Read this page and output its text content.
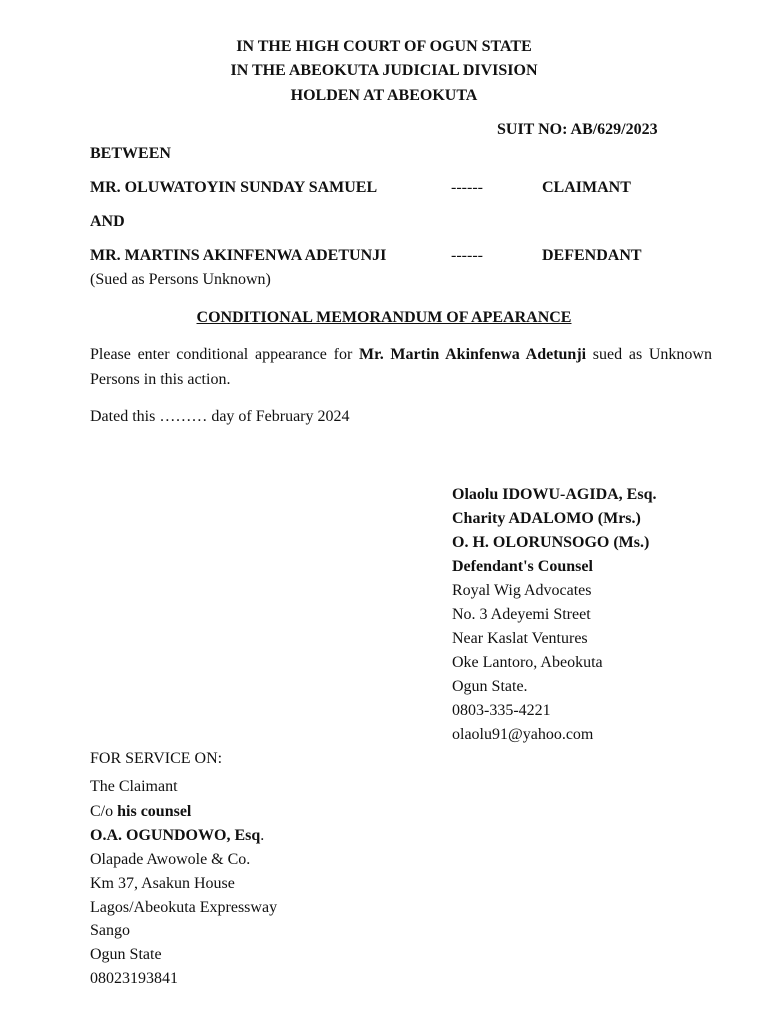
IN THE HIGH COURT OF OGUN STATE
IN THE ABEOKUTA JUDICIAL DIVISION
HOLDEN AT ABEOKUTA
SUIT NO: AB/629/2023
BETWEEN
MR. OLUWATOYIN SUNDAY SAMUEL	------	CLAIMANT
AND
MR. MARTINS AKINFENWA ADETUNJI	------	DEFENDANT
(Sued as Persons Unknown)
CONDITIONAL MEMORANDUM OF APEARANCE
Please enter conditional appearance for Mr. Martin Akinfenwa Adetunji sued as Unknown Persons in this action.
Dated this ……… day of February 2024
Olaolu IDOWU-AGIDA, Esq.
Charity ADALOMO (Mrs.)
O. H. OLORUNSOGO (Ms.)
Defendant's Counsel
Royal Wig Advocates
No. 3 Adeyemi Street
Near Kaslat Ventures
Oke Lantoro, Abeokuta
Ogun State.
0803-335-4221
olaolu91@yahoo.com
FOR SERVICE ON:
The Claimant
C/o his counsel
O.A. OGUNDOWO, Esq.
Olapade Awowole & Co.
Km 37, Asakun House
Lagos/Abeokuta Expressway
Sango
Ogun State
08023193841
